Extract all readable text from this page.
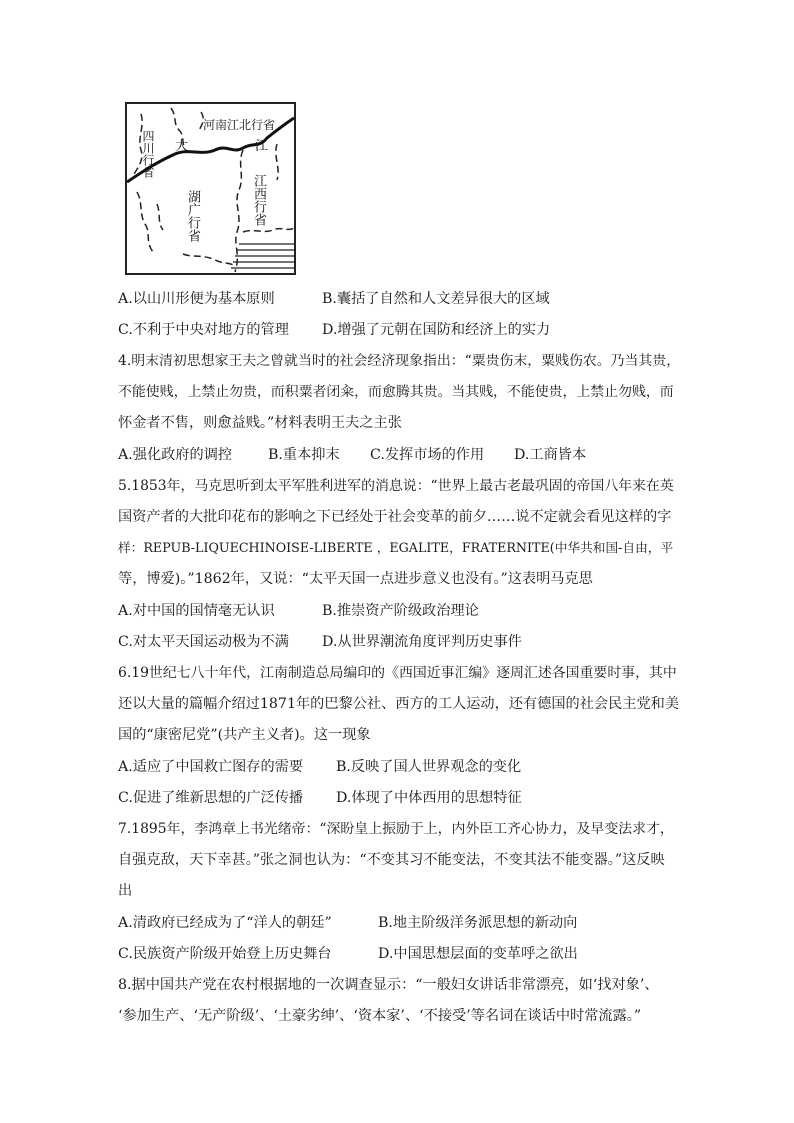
河南江北行省
四川行省 大	江
江西行省
湖广行省
A.以山川形便为基本原则	B.囊括了自然和人文差异很大的区域
C.不利于中央对地方的管理 D.增强了元朝在国防和经济上的实力
4.明末清初思想家王夫之曾就当时的社会经济现象指出：“粟贵伤末，粟贱伤农。乃当其贵，
不能使贱，上禁止勿贵，而积粟者闭籴，而愈腾其贵。当其贱，不能使贵，上禁止勿贱，而
怀金者不售，则愈益贱。”材料表明王夫之主张
A.强化政府的调控	B.重本抑末 C.发挥市场的作用 D.工商皆本
5.1853年，马克思听到太平军胜利进军的消息说：“世界上最古老最巩固的帝国八年来在英
国资产者的大批印花布的影响之下已经处于社会变革的前夕……说不定就会看见这样的字
样：REPUB-LIQUECHINOISE-LIBERTE ，EGALITE，FRATERNITE(中华共和国-自由，平
等，博爱)。”1862年，又说：“太平天国一点进步意义也没有。”这表明马克思
A.对中国的国情毫无认识	B.推崇资产阶级政治理论
C.对太平天国运动极为不满 D.从世界潮流角度评判历史事件
6.19世纪七八十年代，江南制造总局编印的《西国近事汇编》逐周汇述各国重要时事，其中
还以大量的篇幅介绍过1871年的巴黎公社、西方的工人运动，还有德国的社会民主党和美
国的“康密尼党”(共产主义者)。这一现象
A.适应了中国救亡图存的需要 B.反映了国人世界观念的变化
C.促进了维新思想的广泛传播 D.体现了中体西用的思想特征
7.1895年，李鸿章上书光绪帝：“深盼皇上振励于上，内外臣工齐心协力，及早变法求才，
自强克敌，天下幸甚。”张之洞也认为：“不变其习不能变法，不变其法不能变器。”这反映
出
A.清政府已经成为了“洋人的朝廷”	B.地主阶级洋务派思想的新动向
C.民族资产阶级开始登上历史舞台	D.中国思想层面的变革呼之欲出
8.据中国共产党在农村根据地的一次调查显示：“一般妇女讲话非常漂亮，如‘找对象’、
‘参加生产、‘无产阶级’、‘土豪劣绅’、‘资本家’、‘不接受’等名词在谈话中时常流露。”
